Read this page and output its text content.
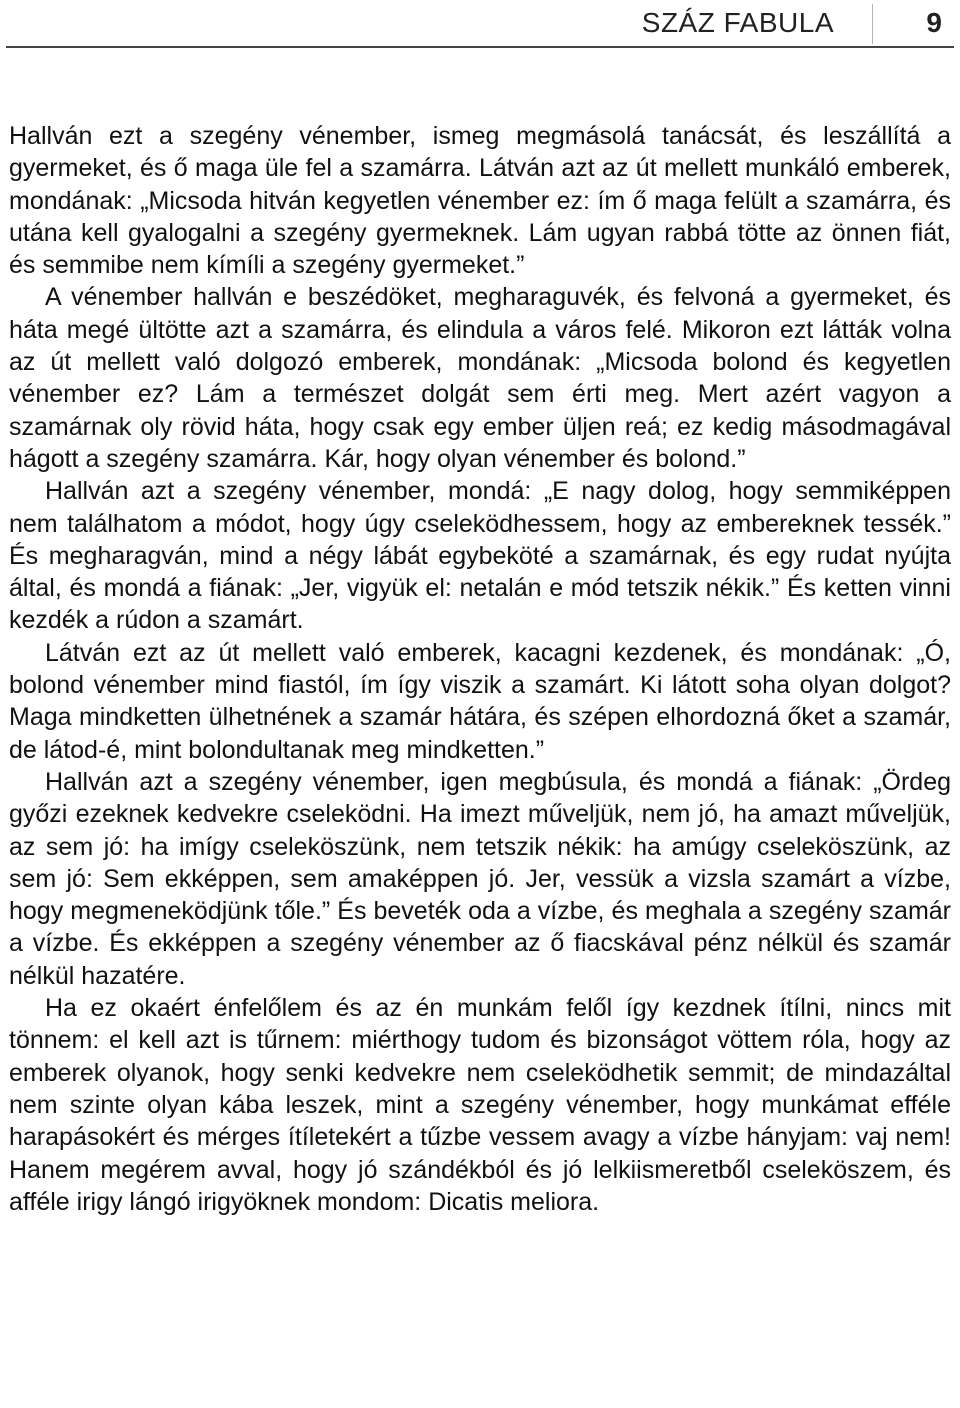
SZÁZ FABULA	9

Hallván ezt a szegény vénember, ismeg megmásolá tanácsát, és leszállítá a gyermeket, és ő maga üle fel a szamárra. Látván azt az út mellett munkáló emberek, mondának: „Micsoda hitván kegyetlen vénember ez: ím ő maga felült a szamárra, és utána kell gyalogalni a szegény gyermeknek. Lám ugyan rabbá tötte az önnen fiát, és semmibe nem kímíli a szegény gyermeket.”

A vénember hallván e beszédöket, megharaguvék, és felvoná a gyermeket, és háta megé ültötte azt a szamárra, és elindula a város felé. Mikoron ezt látták volna az út mellett való dolgozó emberek, mondának: „Micsoda bolond és kegyetlen vénember ez? Lám a természet dolgát sem érti meg. Mert azért vagyon a szamárnak oly rövid háta, hogy csak egy ember üljen reá; ez kedig másodmagával hágott a szegény szamárra. Kár, hogy olyan vénember és bolond.”

Hallván azt a szegény vénember, mondá: „E nagy dolog, hogy semmiképpen nem találhatom a módot, hogy úgy cseleködhessem, hogy az embereknek tessék.” És megharagván, mind a négy lábát egybeköté a szamárnak, és egy rudat nyújta által, és mondá a fiának: „Jer, vigyük el: netalán e mód tetszik nékik.” És ketten vinni kezdék a rúdon a szamárt.

Látván ezt az út mellett való emberek, kacagni kezdenek, és mondának: „Ó, bolond vénember mind fiastól, ím így viszik a szamárt. Ki látott soha olyan dolgot? Maga mindketten ülhetnének a szamár hátára, és szépen elhordozná őket a szamár, de látod-é, mint bolondultanak meg mindketten.”

Hallván azt a szegény vénember, igen megbúsula, és mondá a fiának: „Ördeg győzi ezeknek kedvekre cseleködni. Ha imezt műveljük, nem jó, ha amazt műveljük, az sem jó: ha imígy cseleköszünk, nem tetszik nékik: ha amúgy cseleköszünk, az sem jó: Sem ekképpen, sem amaképpen jó. Jer, vessük a vizsla szamárt a vízbe, hogy megmeneködjünk tőle.” És beveték oda a vízbe, és meghala a szegény szamár a vízbe. És ekképpen a szegény vénember az ő fiacskával pénz nélkül és szamár nélkül hazatére.

Ha ez okaért énfelőlem és az én munkám felől így kezdnek ítílni, nincs mit tönnem: el kell azt is tűrnem: miérthogy tudom és bizonságot vöttem róla, hogy az emberek olyanok, hogy senki kedvekre nem cseleködhetik semmit; de mindazáltal nem szinte olyan kába leszek, mint a szegény vénember, hogy munkámat efféle harapásokért és mérges ítíletekért a tűzbe vessem avagy a vízbe hányjam: vaj nem! Hanem megérem avval, hogy jó szándékból és jó lelkiismeretből cseleköszem, és afféle irigy lángó irigyöknek mondom: Dicatis meliora.
